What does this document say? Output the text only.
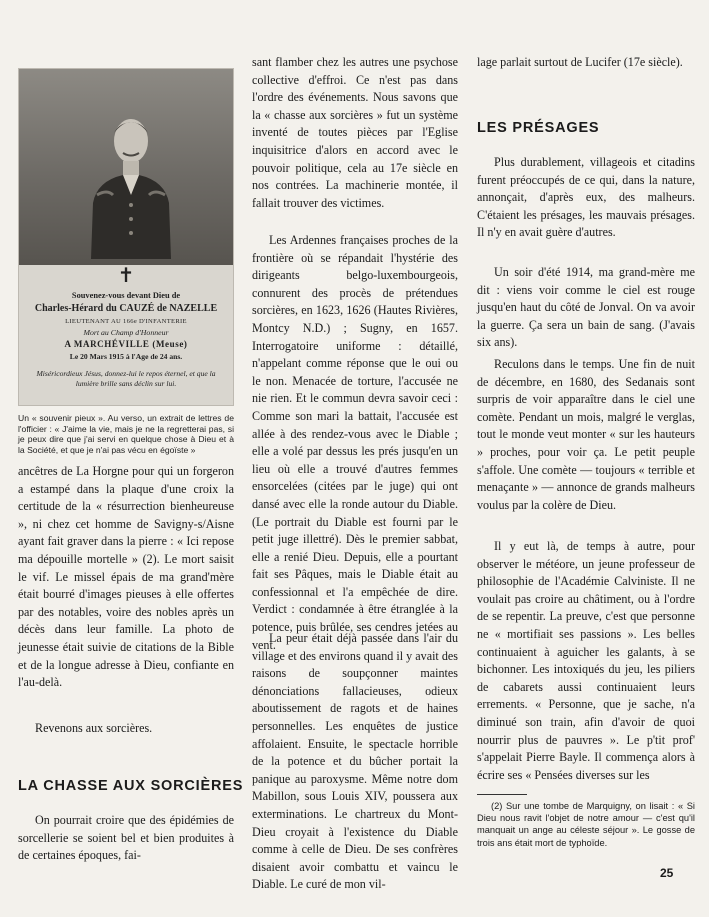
✝
Souvenez-vous devant Dieu de
Charles-Hérard du CAUZÉ de NAZELLE
LIEUTENANT AU 166e D'INFANTERIE
Mort au Champ d'Honneur
A MARCHÉVILLE (Meuse)
Le 20 Mars 1915 à l'Age de 24 ans.
Miséricordieux Jésus, donnez-lui le repos éternel, et que la lumière brille sans déclin sur lui.
Un « souvenir pieux ». Au verso, un extrait de lettres de l'officier : « J'aime la vie, mais je ne la regretterai pas, si je peux dire que j'ai servi en quelque chose à Dieu et à la Société, et que je n'ai pas vécu en égoïste »

ancêtres de La Horgne pour qui un forgeron a estampé dans la plaque d'une croix la certitude de la « résurrection bienheureuse », ni chez cet homme de Savigny-s/Aisne ayant fait graver dans la pierre : « Ici repose ma dépouille mortelle » (2). Le mort saisit le vif. Le missel épais de ma grand'mère était bourré d'images pieuses à elle offertes par des notables, voire des nobles après un décès dans leur famille. La photo de jeunesse était suivie de citations de la Bible et de la longue adresse à Dieu, confiante en l'au-delà.

Revenons aux sorcières.

LA CHASSE AUX SORCIÈRES

On pourrait croire que des épidémies de sorcellerie se soient bel et bien produites à de certaines époques, fai-

sant flamber chez les autres une psychose collective d'effroi. Ce n'est pas dans l'ordre des événements. Nous savons que la « chasse aux sorcières » fut un système inventé de toutes pièces par l'Eglise inquisitrice d'alors en accord avec le pouvoir politique, cela au 17e siècle en nos contrées. La machinerie montée, il fallait trouver des victimes.

Les Ardennes françaises proches de la frontière où se répandait l'hystérie des dirigeants belgo-luxembourgeois, connurent des procès de prétendues sorcières, en 1623, 1626 (Hautes Rivières, Montcy N.D.) ; Sugny, en 1657. Interrogatoire uniforme : détaillé, n'appelant comme réponse que le oui ou le non. Menacée de torture, l'accusée ne nie rien. Et le commun devra savoir ceci : Comme son mari la battait, l'accusée est allée à des rendez-vous avec le Diable ; elle a volé par dessus les prés jusqu'en un lieu où elle a trouvé d'autres femmes ensorcelées (citées par le juge) qui ont dansé avec elle la ronde autour du Diable. (Le portrait du Diable est fourni par le petit juge illettré). Dès le premier sabbat, elle a renié Dieu. Depuis, elle a pourtant fait ses Pâques, mais le Diable était au confessionnal et l'a empêchée de dire. Verdict : condamnée à être étranglée à la potence, puis brûlée, ses cendres jetées au vent.

La peur était déjà passée dans l'air du village et des environs quand il y avait des raisons de soupçonner maintes dénonciations fallacieuses, odieux aboutissement de ragots et de haines personnelles. Les enquêtes de justice affolaient. Ensuite, le spectacle horrible de la potence et du bûcher portait la panique au paroxysme. Même notre dom Mabillon, sous Louis XIV, poussera aux exterminations. Le chartreux du Mont-Dieu croyait à l'existence du Diable comme à celle de Dieu. De ses confrères disaient avoir combattu et vaincu le Diable. Le curé de mon vil-

lage parlait surtout de Lucifer (17e siècle).

LES PRÉSAGES

Plus durablement, villageois et citadins furent préoccupés de ce qui, dans la nature, annonçait, d'après eux, des malheurs. C'étaient les présages, les mauvais présages. Il n'y en avait guère d'autres.

Un soir d'été 1914, ma grand-mère me dit : viens voir comme le ciel est rouge jusqu'en haut du côté de Jonval. On va avoir la guerre. Ça sera un bain de sang. (J'avais six ans).

Reculons dans le temps. Une fin de nuit de décembre, en 1680, des Sedanais sont surpris de voir apparaître dans le ciel une comète. Pendant un mois, malgré le verglas, tout le monde veut monter « sur les hauteurs » proches, pour voir ça. Le petit peuple s'affole. Une comète — toujours « terrible et menaçante » — annonce de grands malheurs voulus par la colère de Dieu.

Il y eut là, de temps à autre, pour observer le météore, un jeune professeur de philosophie de l'Académie Calviniste. Il ne voulait pas croire au châtiment, ou à l'ordre de se repentir. La preuve, c'est que personne ne « mortifiait ses passions ». Les belles continuaient à aguicher les galants, à se bichonner. Les intoxiqués du jeu, les piliers de cabarets aussi continuaient leurs errements. « Personne, que je sache, n'a diminué son train, afin d'avoir de quoi nourrir plus de pauvres ». Le p'tit prof' s'appelait Pierre Bayle. Il commença alors à écrire ses « Pensées diverses sur les

(2) Sur une tombe de Marquigny, on lisait : « Si Dieu nous ravit l'objet de notre amour — c'est qu'il manquait un ange au céleste séjour ». Le gosse de trois ans était mort de typhoïde.

25
